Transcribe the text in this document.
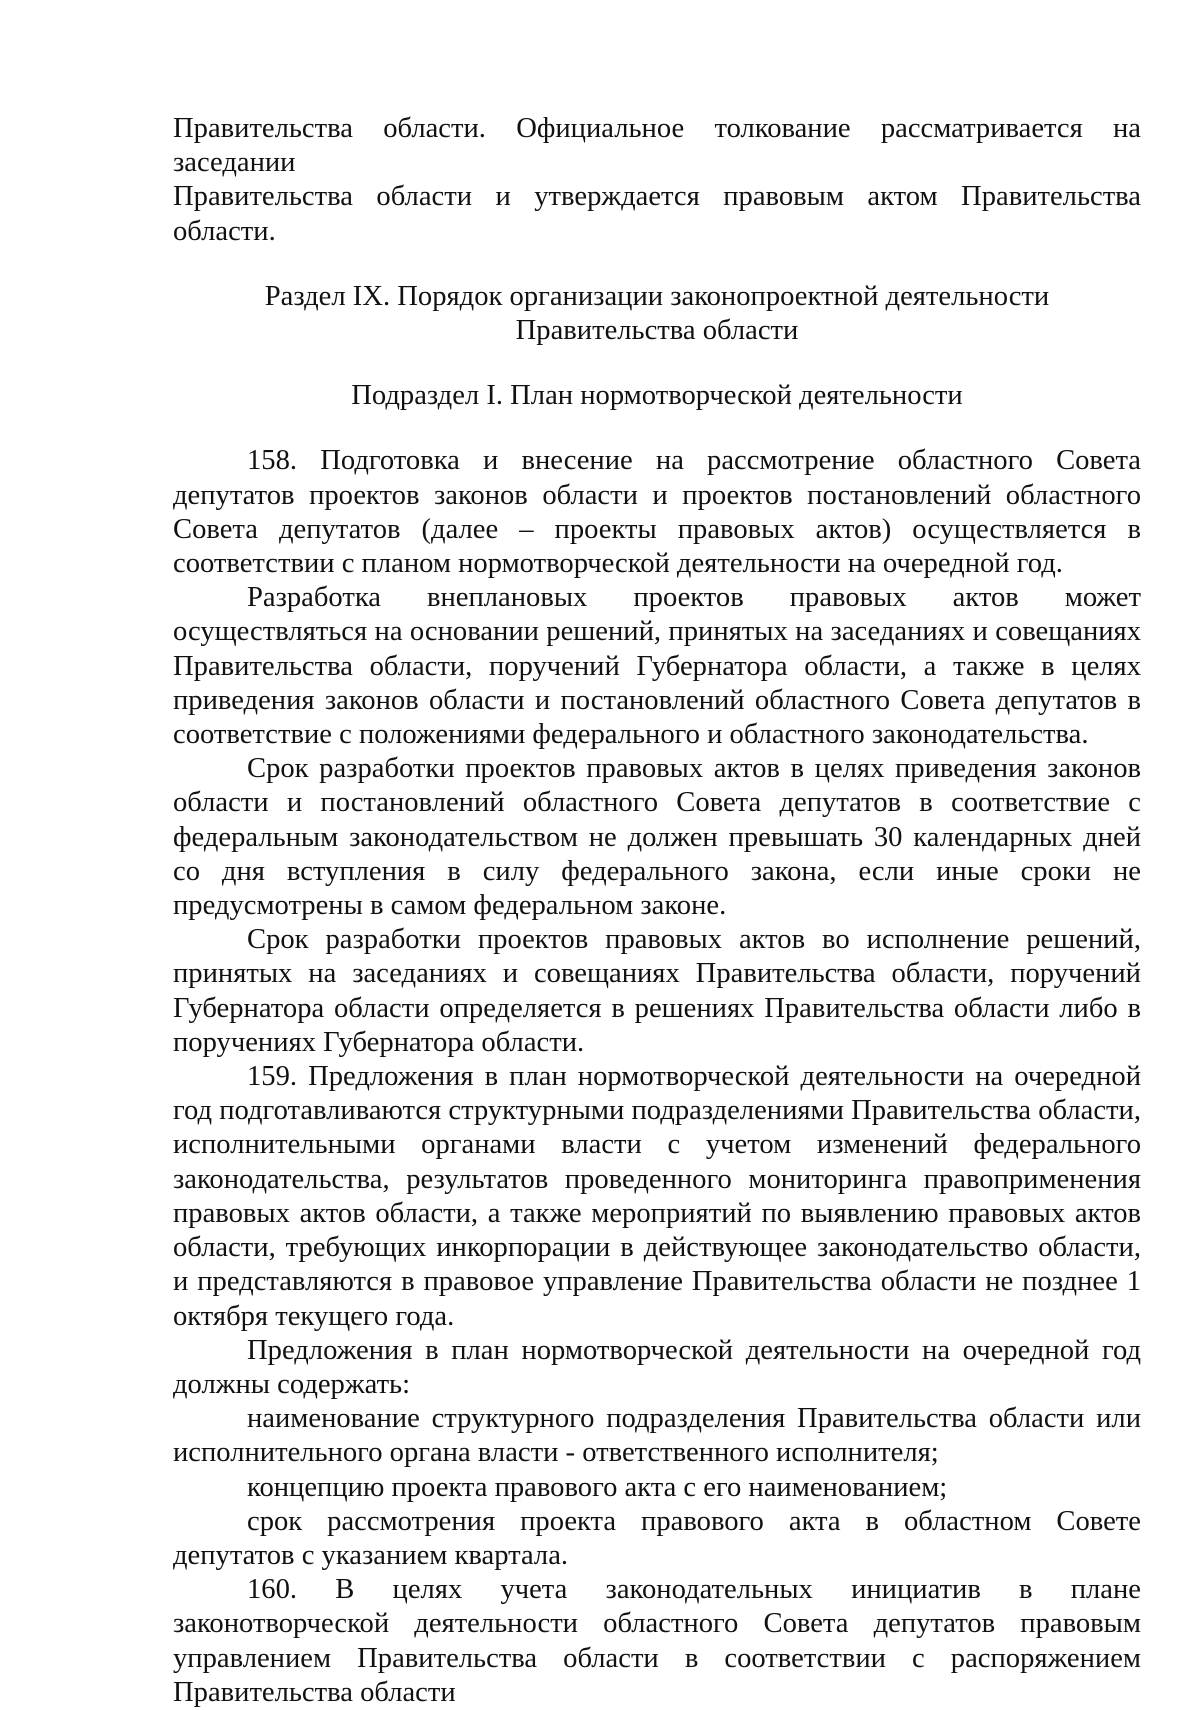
Правительства области. Официальное толкование рассматривается на заседании

Правительства области и утверждается правовым актом Правительства области.

Раздел IX. Порядок организации законопроектной деятельности
Правительства области
Подраздел I. План нормотворческой деятельности

158. Подготовка и внесение на рассмотрение областного Совета депутатов проектов законов области и проектов постановлений областного Совета депутатов (далее – проекты правовых актов) осуществляется в соответствии с планом нормотворческой деятельности на очередной год.

Разработка внеплановых проектов правовых актов может осуществляться на основании решений, принятых на заседаниях и совещаниях Правительства области, поручений Губернатора области, а также в целях приведения законов области и постановлений областного Совета депутатов в соответствие с положениями федерального и областного законодательства.

Срок разработки проектов правовых актов в целях приведения законов области и постановлений областного Совета депутатов в соответствие с федеральным законодательством не должен превышать 30 календарных дней со дня вступления в силу федерального закона, если иные сроки не предусмотрены в самом федеральном законе.

Срок разработки проектов правовых актов во исполнение решений, принятых на заседаниях и совещаниях Правительства области, поручений Губернатора области определяется в решениях Правительства области либо в поручениях Губернатора области.

159. Предложения в план нормотворческой деятельности на очередной год подготавливаются структурными подразделениями Правительства области, исполнительными органами власти с учетом изменений федерального законодательства, результатов проведенного мониторинга правоприменения правовых актов области, а также мероприятий по выявлению правовых актов области, требующих инкорпорации в действующее законодательство области, и представляются в правовое управление Правительства области не позднее 1 октября текущего года.

Предложения в план нормотворческой деятельности на очередной год должны содержать:

наименование структурного подразделения Правительства области или исполнительного органа власти - ответственного исполнителя;

концепцию проекта правового акта с его наименованием;

срок рассмотрения проекта правового акта в областном Совете депутатов с указанием квартала.

160. В целях учета законодательных инициатив в плане законотворческой деятельности областного Совета депутатов правовым управлением Правительства области в соответствии с распоряжением Правительства области
